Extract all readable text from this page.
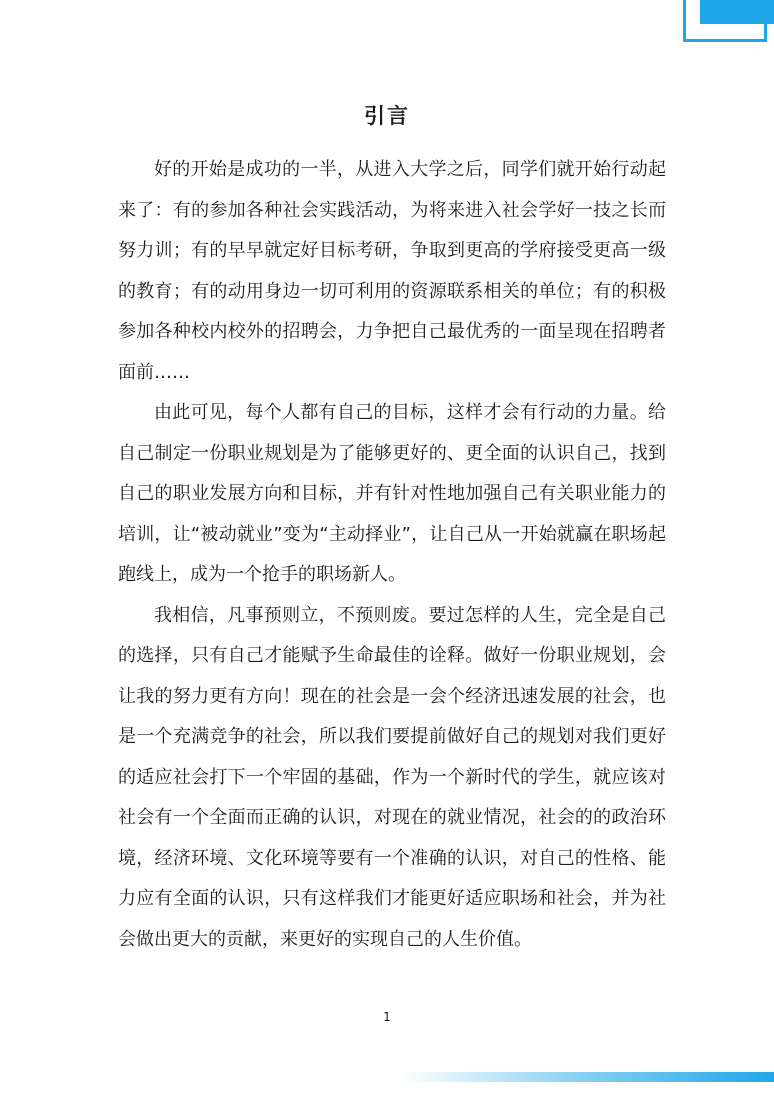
引言

好的开始是成功的一半，从进入大学之后，同学们就开始行动起来了：有的参加各种社会实践活动，为将来进入社会学好一技之长而努力训；有的早早就定好目标考研，争取到更高的学府接受更高一级的教育；有的动用身边一切可利用的资源联系相关的单位；有的积极参加各种校内校外的招聘会，力争把自己最优秀的一面呈现在招聘者面前……

由此可见，每个人都有自己的目标，这样才会有行动的力量。给自己制定一份职业规划是为了能够更好的、更全面的认识自己，找到自己的职业发展方向和目标，并有针对性地加强自己有关职业能力的培训，让“被动就业”变为“主动择业”，让自己从一开始就赢在职场起跑线上，成为一个抢手的职场新人。

我相信，凡事预则立，不预则废。要过怎样的人生，完全是自己的选择，只有自己才能赋予生命最佳的诠释。做好一份职业规划，会让我的努力更有方向！现在的社会是一会个经济迅速发展的社会，也是一个充满竞争的社会，所以我们要提前做好自己的规划对我们更好的适应社会打下一个牢固的基础，作为一个新时代的学生，就应该对社会有一个全面而正确的认识，对现在的就业情况，社会的的政治环境，经济环境、文化环境等要有一个准确的认识，对自己的性格、能力应有全面的认识，只有这样我们才能更好适应职场和社会，并为社会做出更大的贡献，来更好的实现自己的人生价值。

1
